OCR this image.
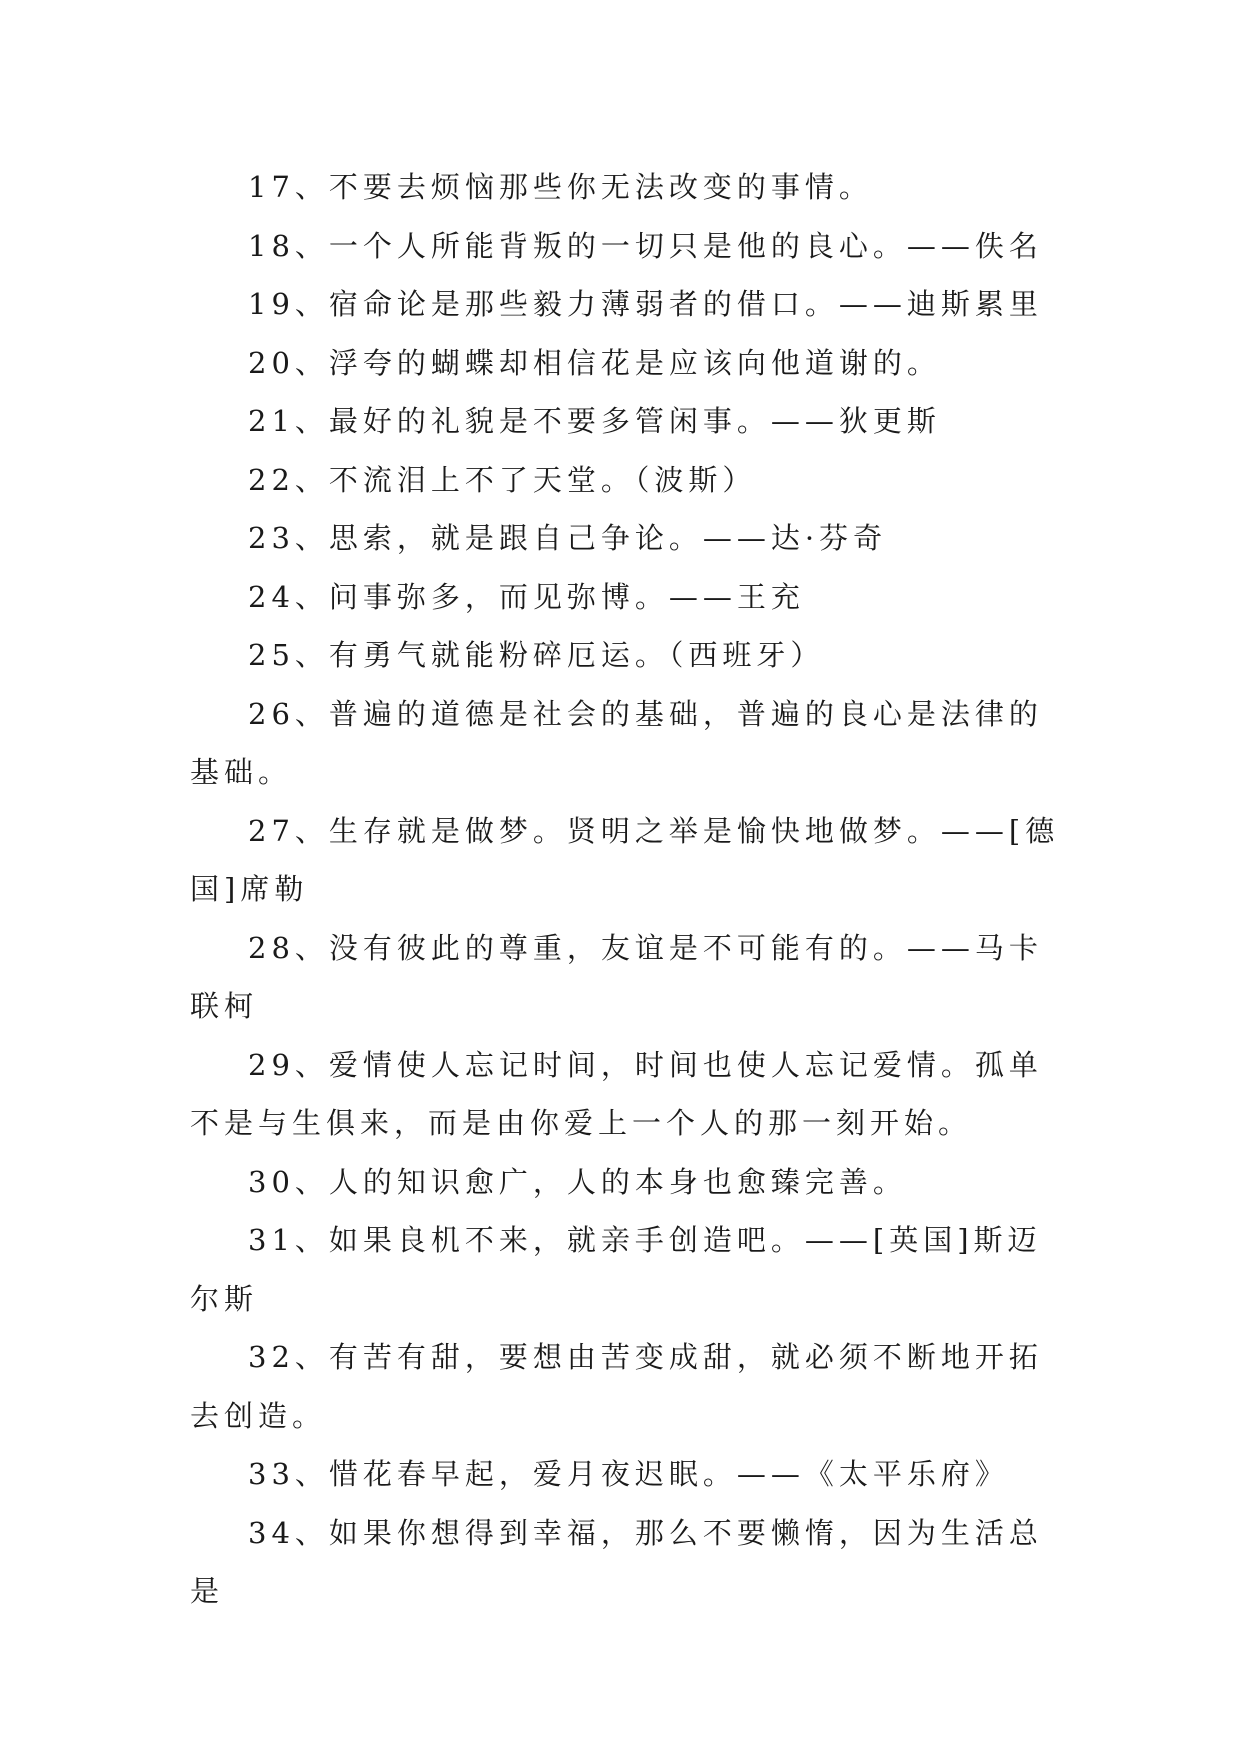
17、不要去烦恼那些你无法改变的事情。

18、一个人所能背叛的一切只是他的良心。——佚名

19、宿命论是那些毅力薄弱者的借口。——迪斯累里

20、浮夸的蝴蝶却相信花是应该向他道谢的。

21、最好的礼貌是不要多管闲事。——狄更斯

22、不流泪上不了天堂。（波斯）

23、思索，就是跟自己争论。——达·芬奇

24、问事弥多，而见弥博。——王充

25、有勇气就能粉碎厄运。（西班牙）

26、普遍的道德是社会的基础，普遍的良心是法律的基础。

27、生存就是做梦。贤明之举是愉快地做梦。——[德国]席勒

28、没有彼此的尊重，友谊是不可能有的。——马卡联柯

29、爱情使人忘记时间，时间也使人忘记爱情。孤单不是与生俱来，而是由你爱上一个人的那一刻开始。

30、人的知识愈广，人的本身也愈臻完善。

31、如果良机不来，就亲手创造吧。——[英国]斯迈尔斯

32、有苦有甜，要想由苦变成甜，就必须不断地开拓去创造。

33、惜花春早起，爱月夜迟眠。——《太平乐府》

34、如果你想得到幸福，那么不要懒惰，因为生活总是
